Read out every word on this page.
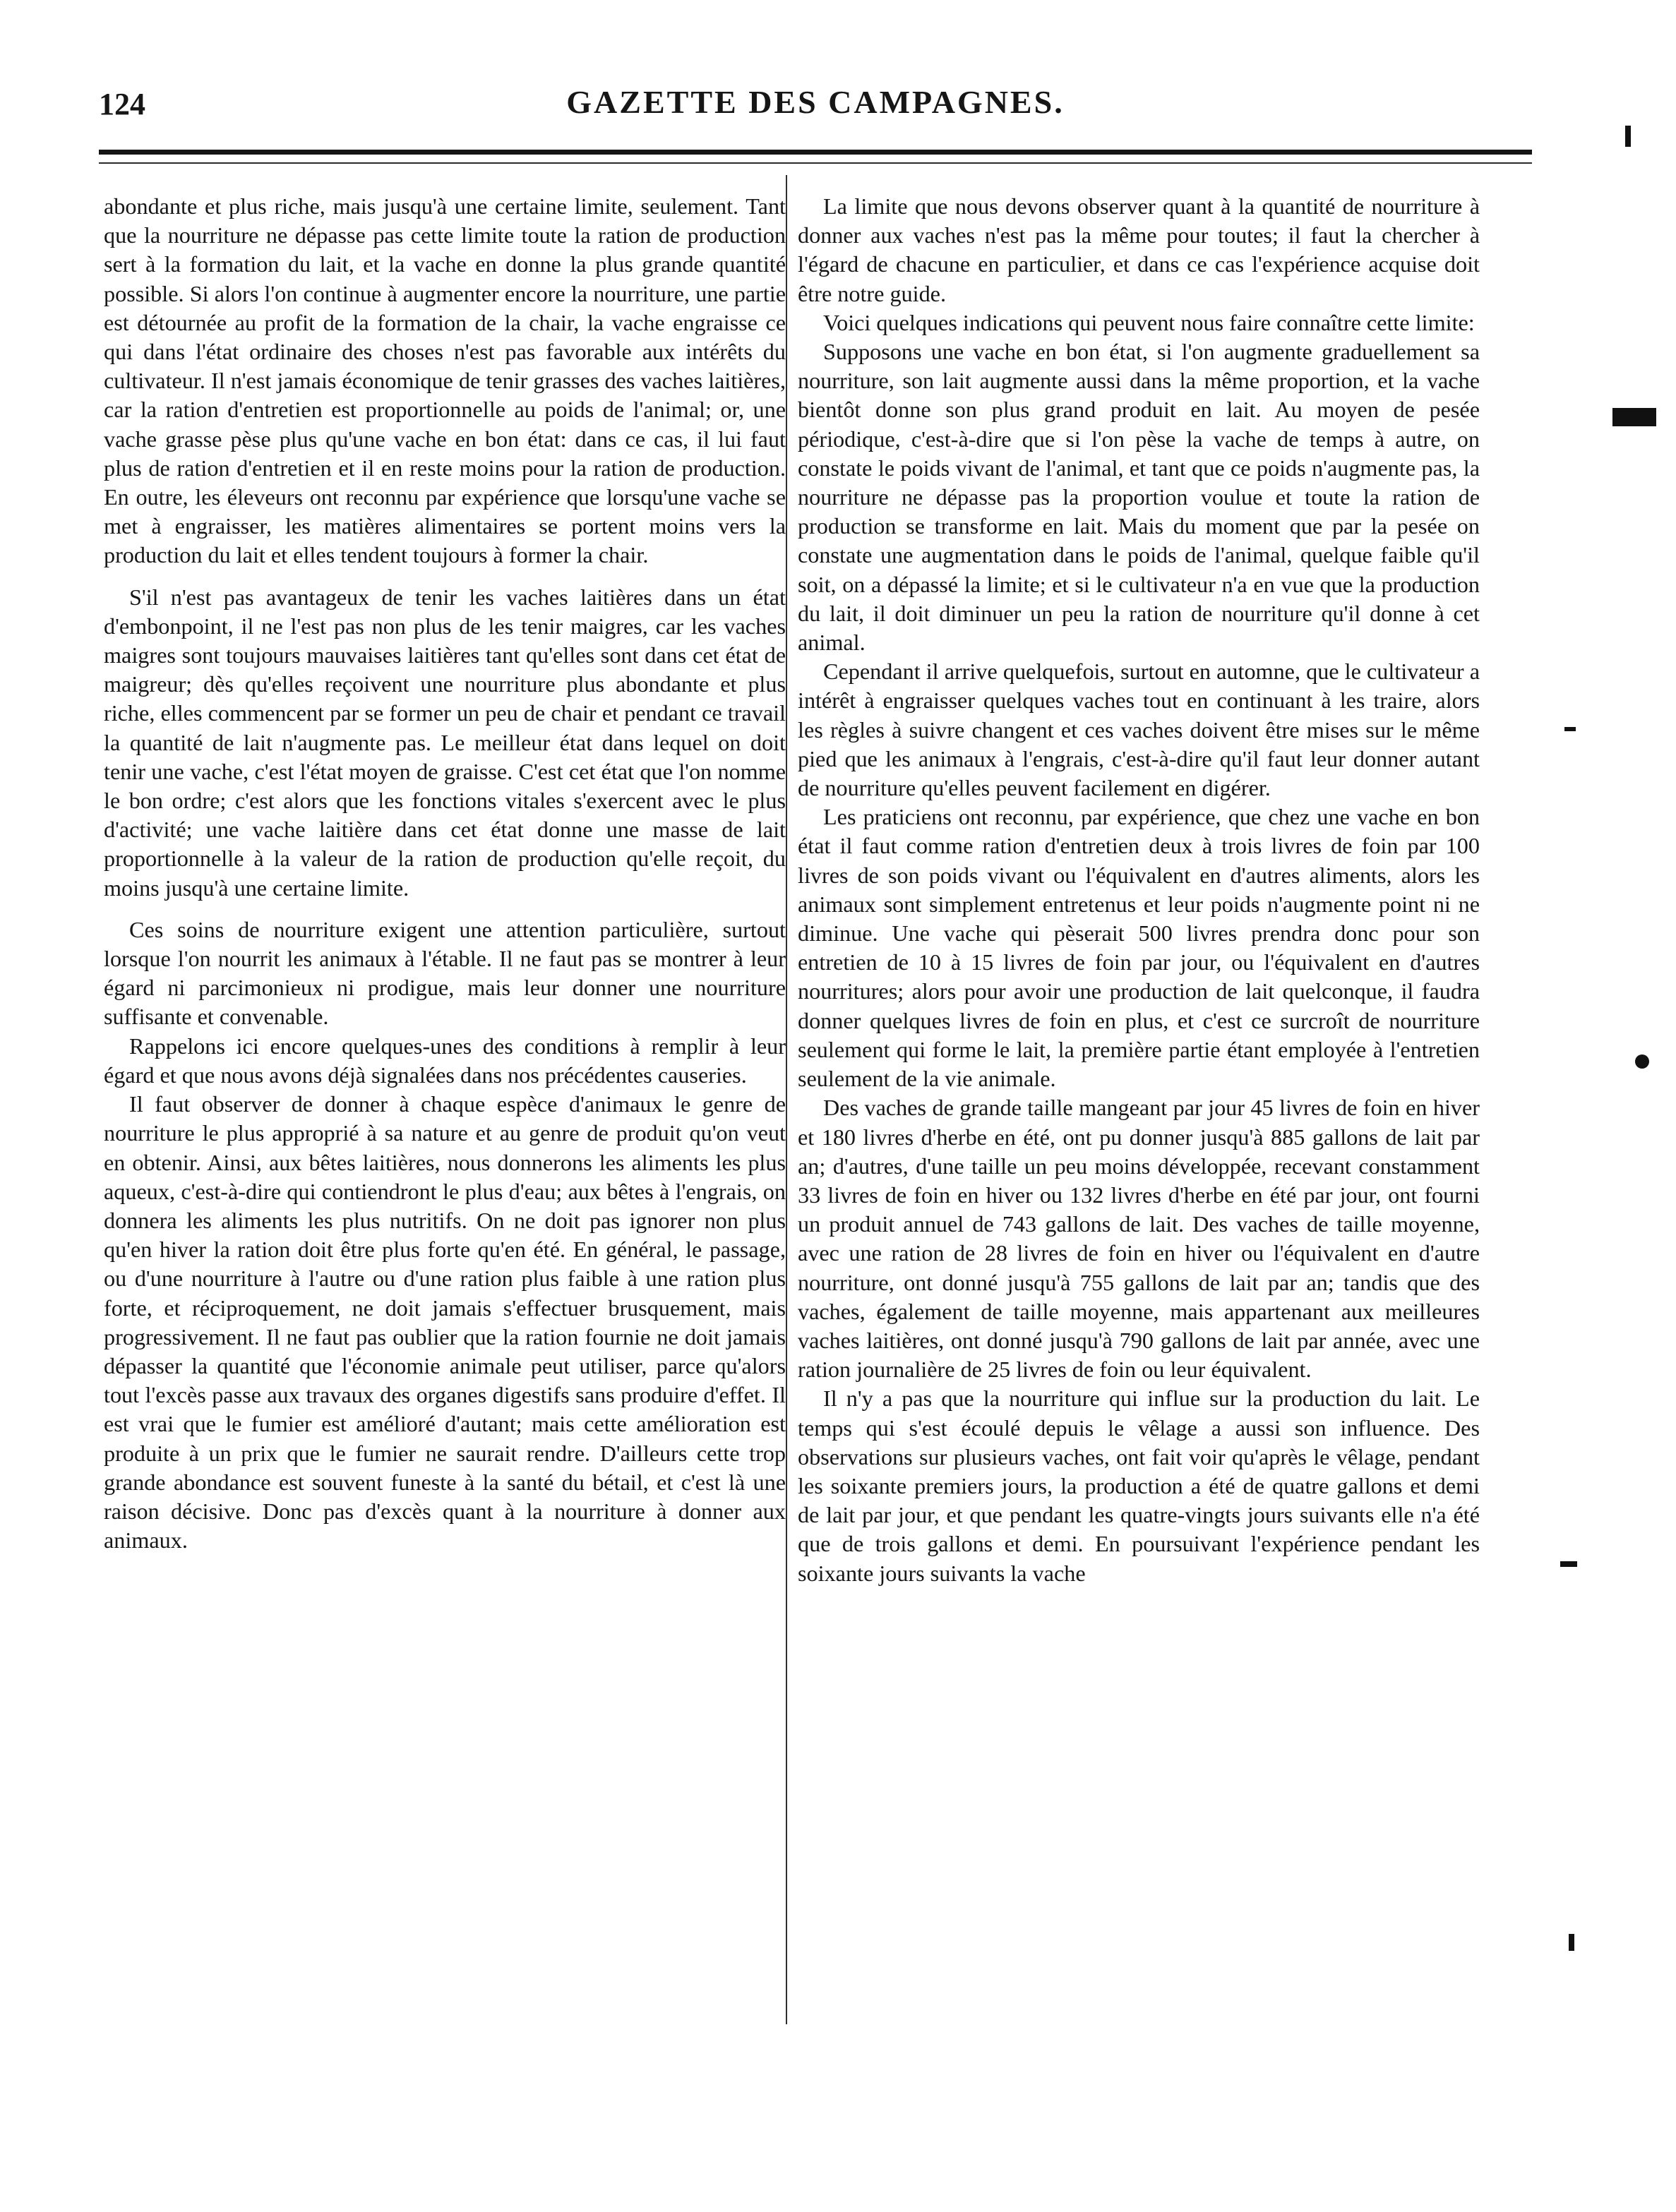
124	GAZETTE DES CAMPAGNES.

abondante et plus riche, mais jusqu'à une certaine limite, seulement. Tant que la nourriture ne dépasse pas cette limite toute la ration de production sert à la formation du lait, et la vache en donne la plus grande quantité possible. Si alors l'on continue à augmenter encore la nourriture, une partie est détournée au profit de la formation de la chair, la vache engraisse ce qui dans l'état ordinaire des choses n'est pas favorable aux intérêts du cultivateur. Il n'est jamais économique de tenir grasses des vaches laitières, car la ration d'entretien est proportionnelle au poids de l'animal; or, une vache grasse pèse plus qu'une vache en bon état: dans ce cas, il lui faut plus de ration d'entretien et il en reste moins pour la ration de production. En outre, les éleveurs ont reconnu par expérience que lorsqu'une vache se met à engraisser, les matières alimentaires se portent moins vers la production du lait et elles tendent toujours à former la chair.

S'il n'est pas avantageux de tenir les vaches laitières dans un état d'embonpoint, il ne l'est pas non plus de les tenir maigres, car les vaches maigres sont toujours mauvaises laitières tant qu'elles sont dans cet état de maigreur; dès qu'elles reçoivent une nourriture plus abondante et plus riche, elles commencent par se former un peu de chair et pendant ce travail la quantité de lait n'augmente pas. Le meilleur état dans lequel on doit tenir une vache, c'est l'état moyen de graisse. C'est cet état que l'on nomme le bon ordre; c'est alors que les fonctions vitales s'exercent avec le plus d'activité; une vache laitière dans cet état donne une masse de lait proportionnelle à la valeur de la ration de production qu'elle reçoit, du moins jusqu'à une certaine limite.

Ces soins de nourriture exigent une attention particulière, surtout lorsque l'on nourrit les animaux à l'étable. Il ne faut pas se montrer à leur égard ni parcimonieux ni prodigue, mais leur donner une nourriture suffisante et convenable.

Rappelons ici encore quelques-unes des conditions à remplir à leur égard et que nous avons déjà signalées dans nos précédentes causeries.

Il faut observer de donner à chaque espèce d'animaux le genre de nourriture le plus approprié à sa nature et au genre de produit qu'on veut en obtenir. Ainsi, aux bêtes laitières, nous donnerons les aliments les plus aqueux, c'est-à-dire qui contiendront le plus d'eau; aux bêtes à l'engrais, on donnera les aliments les plus nutritifs. On ne doit pas ignorer non plus qu'en hiver la ration doit être plus forte qu'en été. En général, le passage, ou d'une nourriture à l'autre ou d'une ration plus faible à une ration plus forte, et réciproquement, ne doit jamais s'effectuer brusquement, mais progressivement. Il ne faut pas oublier que la ration fournie ne doit jamais dépasser la quantité que l'économie animale peut utiliser, parce qu'alors tout l'excès passe aux travaux des organes digestifs sans produire d'effet. Il est vrai que le fumier est amélioré d'autant; mais cette amélioration est produite à un prix que le fumier ne saurait rendre. D'ailleurs cette trop grande abondance est souvent funeste à la santé du bétail, et c'est là une raison décisive. Donc pas d'excès quant à la nourriture à donner aux animaux.

La limite que nous devons observer quant à la quantité de nourriture à donner aux vaches n'est pas la même pour toutes; il faut la chercher à l'égard de chacune en particulier, et dans ce cas l'expérience acquise doit être notre guide.

Voici quelques indications qui peuvent nous faire connaître cette limite:

Supposons une vache en bon état, si l'on augmente graduellement sa nourriture, son lait augmente aussi dans la même proportion, et la vache bientôt donne son plus grand produit en lait. Au moyen de pesée périodique, c'est-à-dire que si l'on pèse la vache de temps à autre, on constate le poids vivant de l'animal, et tant que ce poids n'augmente pas, la nourriture ne dépasse pas la proportion voulue et toute la ration de production se transforme en lait. Mais du moment que par la pesée on constate une augmentation dans le poids de l'animal, quelque faible qu'il soit, on a dépassé la limite; et si le cultivateur n'a en vue que la production du lait, il doit diminuer un peu la ration de nourriture qu'il donne à cet animal.

Cependant il arrive quelquefois, surtout en automne, que le cultivateur a intérêt à engraisser quelques vaches tout en continuant à les traire, alors les règles à suivre changent et ces vaches doivent être mises sur le même pied que les animaux à l'engrais, c'est-à-dire qu'il faut leur donner autant de nourriture qu'elles peuvent facilement en digérer.

Les praticiens ont reconnu, par expérience, que chez une vache en bon état il faut comme ration d'entretien deux à trois livres de foin par 100 livres de son poids vivant ou l'équivalent en d'autres aliments, alors les animaux sont simplement entretenus et leur poids n'augmente point ni ne diminue. Une vache qui pèserait 500 livres prendra donc pour son entretien de 10 à 15 livres de foin par jour, ou l'équivalent en d'autres nourritures; alors pour avoir une production de lait quelconque, il faudra donner quelques livres de foin en plus, et c'est ce surcroît de nourriture seulement qui forme le lait, la première partie étant employée à l'entretien seulement de la vie animale.

Des vaches de grande taille mangeant par jour 45 livres de foin en hiver et 180 livres d'herbe en été, ont pu donner jusqu'à 885 gallons de lait par an; d'autres, d'une taille un peu moins développée, recevant constamment 33 livres de foin en hiver ou 132 livres d'herbe en été par jour, ont fourni un produit annuel de 743 gallons de lait. Des vaches de taille moyenne, avec une ration de 28 livres de foin en hiver ou l'équivalent en d'autre nourriture, ont donné jusqu'à 755 gallons de lait par an; tandis que des vaches, également de taille moyenne, mais appartenant aux meilleures vaches laitières, ont donné jusqu'à 790 gallons de lait par année, avec une ration journalière de 25 livres de foin ou leur équivalent.

Il n'y a pas que la nourriture qui influe sur la production du lait. Le temps qui s'est écoulé depuis le vêlage a aussi son influence. Des observations sur plusieurs vaches, ont fait voir qu'après le vêlage, pendant les soixante premiers jours, la production a été de quatre gallons et demi de lait par jour, et que pendant les quatre-vingts jours suivants elle n'a été que de trois gallons et demi. En poursuivant l'expérience pendant les soixante jours suivants la vache
